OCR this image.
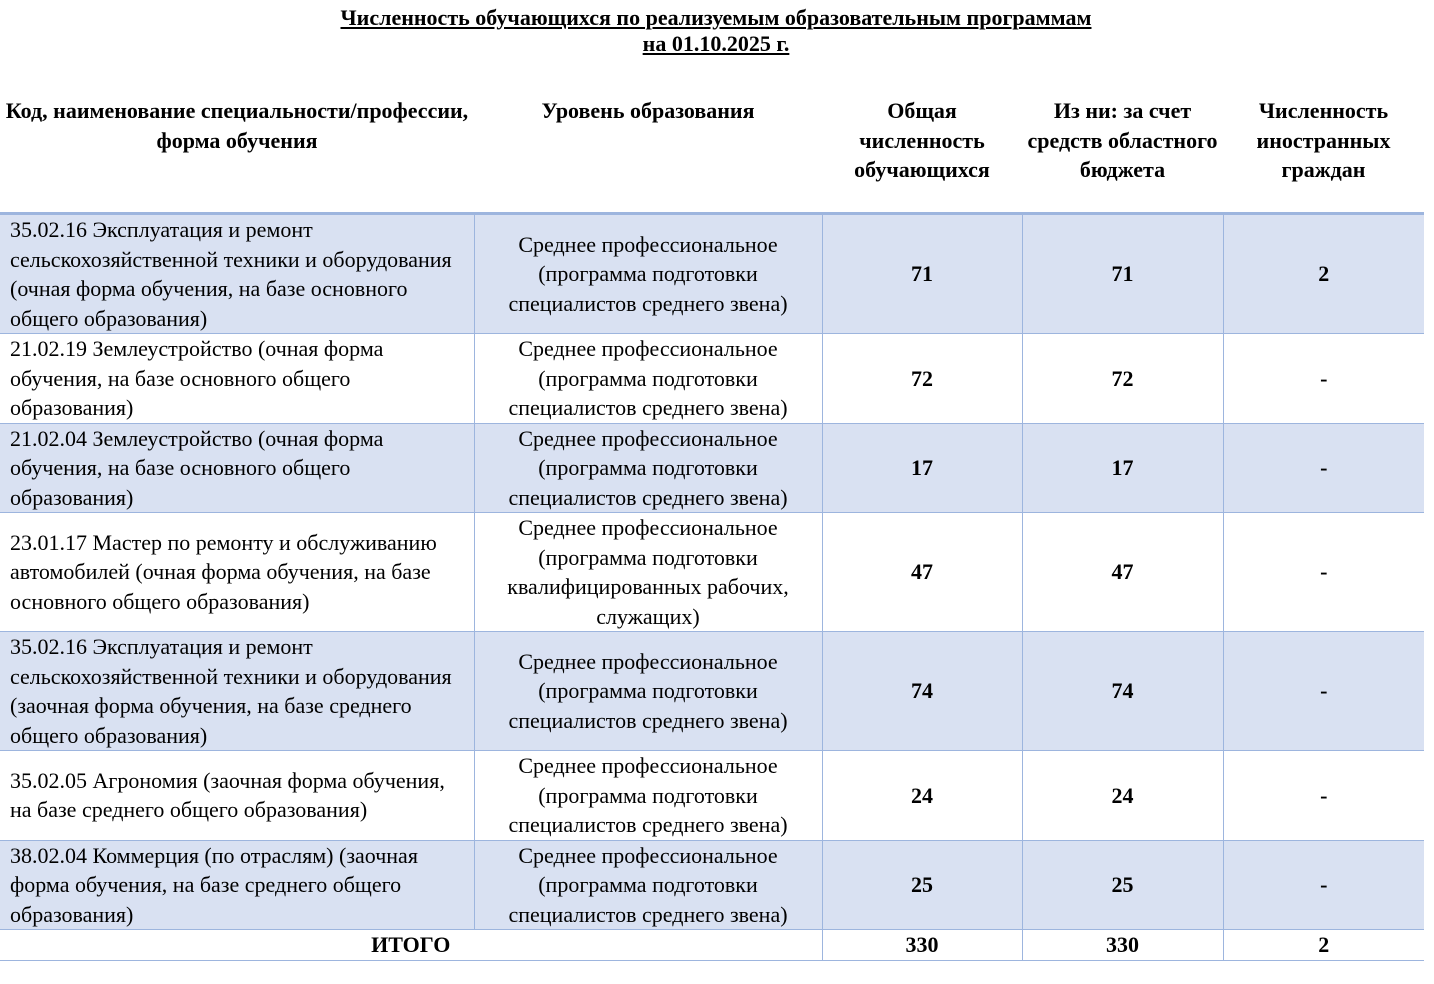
Численность обучающихся по реализуемым образовательным программам
на 01.10.2025 г.
Код, наименование специальности/профессии, форма обучения	Уровень образования	Общая численность обучающихся	Из ни: за счет средств областного бюджета	Численность иностранных граждан
35.02.16 Эксплуатация и ремонт сельскохозяйственной техники и оборудования (очная форма обучения, на базе основного общего образования)	Среднее профессиональное (программа подготовки специалистов среднего звена)	71	71	2
21.02.19 Землеустройство (очная форма обучения, на базе основного общего образования)	Среднее профессиональное (программа подготовки специалистов среднего звена)	72	72	-
21.02.04 Землеустройство (очная форма обучения, на базе основного общего образования)	Среднее профессиональное (программа подготовки специалистов среднего звена)	17	17	-
23.01.17 Мастер по ремонту и обслуживанию автомобилей (очная форма обучения, на базе основного общего образования)	Среднее профессиональное (программа подготовки квалифицированных рабочих, служащих)	47	47	-
35.02.16 Эксплуатация и ремонт сельскохозяйственной техники и оборудования (заочная форма обучения, на базе среднего общего образования)	Среднее профессиональное (программа подготовки специалистов среднего звена)	74	74	-
35.02.05 Агрономия (заочная форма обучения, на базе среднего общего образования)	Среднее профессиональное (программа подготовки специалистов среднего звена)	24	24	-
38.02.04 Коммерция (по отраслям) (заочная форма обучения, на базе среднего общего образования)	Среднее профессиональное (программа подготовки специалистов среднего звена)	25	25	-
ИТОГО		330	330	2
